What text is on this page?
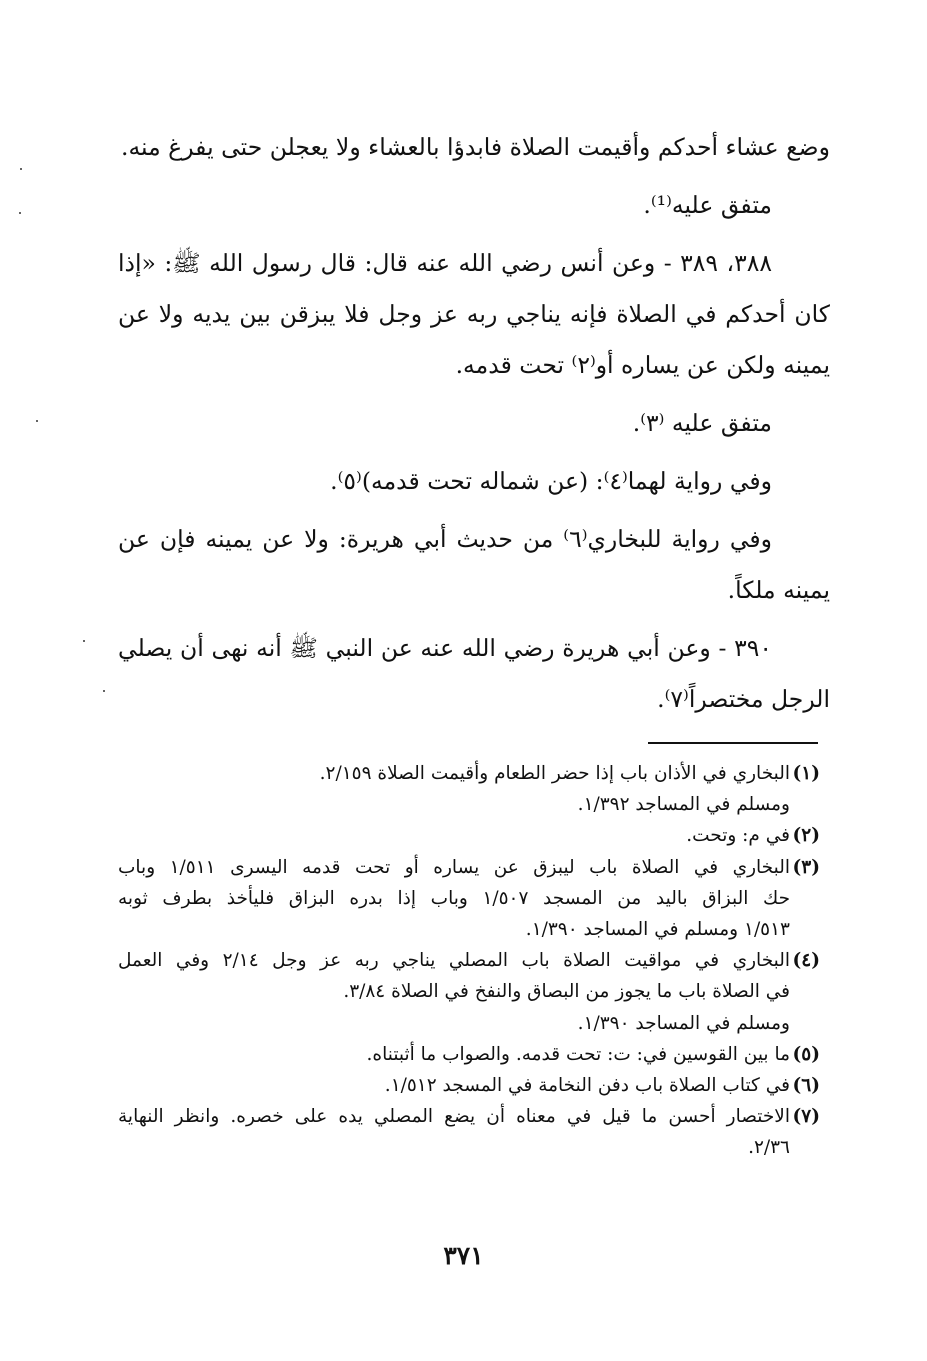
وضع عشاء أحدكم وأقيمت الصلاة فابدؤا بالعشاء ولا يعجلن حتى يفرغ منه.

متفق عليه⁽¹⁾.

٣٨٨، ٣٨٩ - وعن أنس رضي الله عنه قال: قال رسول الله ﷺ: «إذا كان أحدكم في الصلاة فإنه يناجي ربه عز وجل فلا يبزقن بين يديه ولا عن يمينه ولكن عن يساره أو⁽٢⁾ تحت قدمه.

متفق عليه ⁽٣⁾.

وفي رواية لهما⁽٤⁾: (عن شماله تحت قدمه)⁽٥⁾.

وفي رواية للبخاري⁽٦⁾ من حديث أبي هريرة: ولا عن يمينه فإن عن يمينه ملكاً.

٣٩٠ - وعن أبي هريرة رضي الله عنه عن النبي ﷺ أنه نهى أن يصلي الرجل مختصراً⁽٧⁾.

(١)
البخاري في الأذان باب إذا حضر الطعام وأقيمت الصلاة ٢/١٥٩.
ومسلم في المساجد ١/٣٩٢.
(٢)
في م: وتحت.
(٣)
البخاري في الصلاة باب ليبزق عن يساره أو تحت قدمه اليسرى ١/٥١١ وباب
حك البزاق باليد من المسجد ١/٥٠٧ وباب إذا بدره البزاق فليأخذ بطرف ثوبه
١/٥١٣ ومسلم في المساجد ١/٣٩٠.
(٤)
البخاري في مواقيت الصلاة باب المصلي يناجي ربه عز وجل ٢/١٤ وفي العمل
في الصلاة باب ما يجوز من البصاق والنفخ في الصلاة ٣/٨٤.
ومسلم في المساجد ١/٣٩٠.
(٥)
ما بين القوسين في: ت: تحت قدمه. والصواب ما أثبتناه.
(٦)
في كتاب الصلاة باب دفن النخامة في المسجد ١/٥١٢.
(٧)
الاختصار أحسن ما قيل في معناه أن يضع المصلي يده على خصره. وانظر النهاية
٢/٣٦.
٣٧١
